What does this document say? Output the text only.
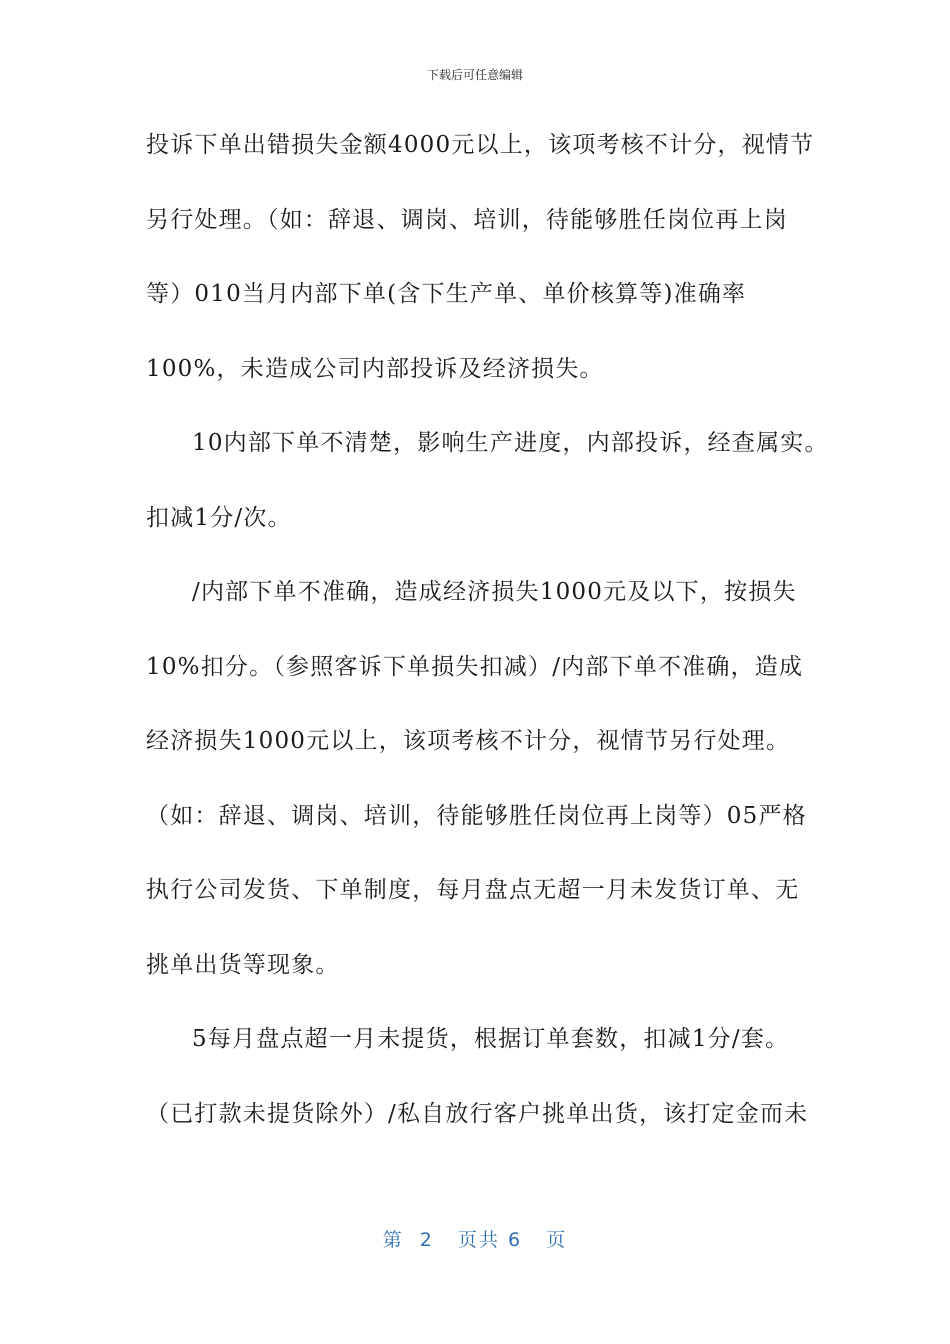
下载后可任意编辑
投诉下单出错损失金额4000元以上，该项考核不计分，视情节
另行处理。（如：辞退、调岗、培训，待能够胜任岗位再上岗
等）010当月内部下单(含下生产单、单价核算等)准确率
100%，未造成公司内部投诉及经济损失。
10内部下单不清楚，影响生产进度，内部投诉，经查属实。
扣减1分/次。
/内部下单不准确，造成经济损失1000元及以下，按损失
10%扣分。（参照客诉下单损失扣减）/内部下单不准确，造成
经济损失1000元以上，该项考核不计分，视情节另行处理。
（如：辞退、调岗、培训，待能够胜任岗位再上岗等）05严格
执行公司发货、下单制度，每月盘点无超一月未发货订单、无
挑单出货等现象。
5每月盘点超一月未提货，根据订单套数，扣减1分/套。
（已打款未提货除外）/私自放行客户挑单出货，该打定金而未
第  2   页共 6   页
